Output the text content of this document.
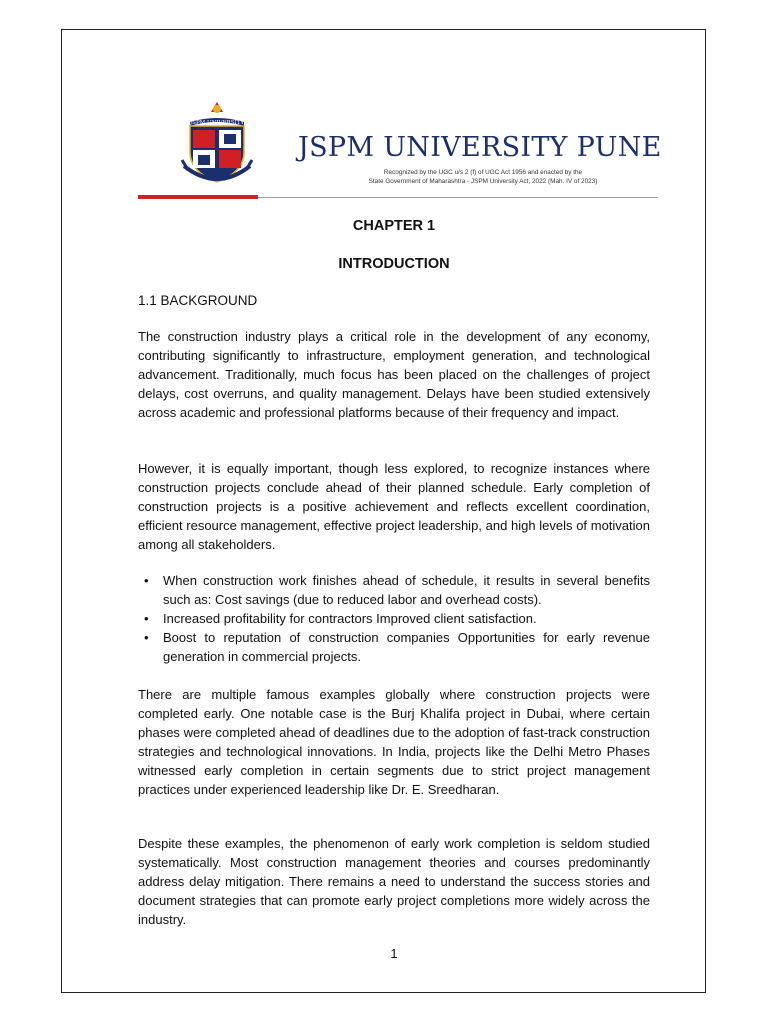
JSPM UNIVERSITY
JSPM UNIVERSITY PUNE
Recognized by the UGC u/s 2 (f) of UGC Act 1956 and enacted by the
State Government of Maharashtra - JSPM University Act, 2022 (Mah. IV of 2023)
CHAPTER 1
INTRODUCTION
1.1 BACKGROUND

The construction industry plays a critical role in the development of any economy, contributing significantly to infrastructure, employment generation, and technological advancement. Traditionally, much focus has been placed on the challenges of project delays, cost overruns, and quality management. Delays have been studied extensively across academic and professional platforms because of their frequency and impact.

However, it is equally important, though less explored, to recognize instances where construction projects conclude ahead of their planned schedule. Early completion of construction projects is a positive achievement and reflects excellent coordination, efficient resource management, effective project leadership, and high levels of motivation among all stakeholders.

• When construction work finishes ahead of schedule, it results in several benefits such as: Cost savings (due to reduced labor and overhead costs).
• Increased profitability for contractors Improved client satisfaction.
• Boost to reputation of construction companies Opportunities for early revenue generation in commercial projects.

There are multiple famous examples globally where construction projects were completed early. One notable case is the Burj Khalifa project in Dubai, where certain phases were completed ahead of deadlines due to the adoption of fast-track construction strategies and technological innovations. In India, projects like the Delhi Metro Phases witnessed early completion in certain segments due to strict project management practices under experienced leadership like Dr. E. Sreedharan.

Despite these examples, the phenomenon of early work completion is seldom studied systematically. Most construction management theories and courses predominantly address delay mitigation. There remains a need to understand the success stories and document strategies that can promote early project completions more widely across the industry.

1
